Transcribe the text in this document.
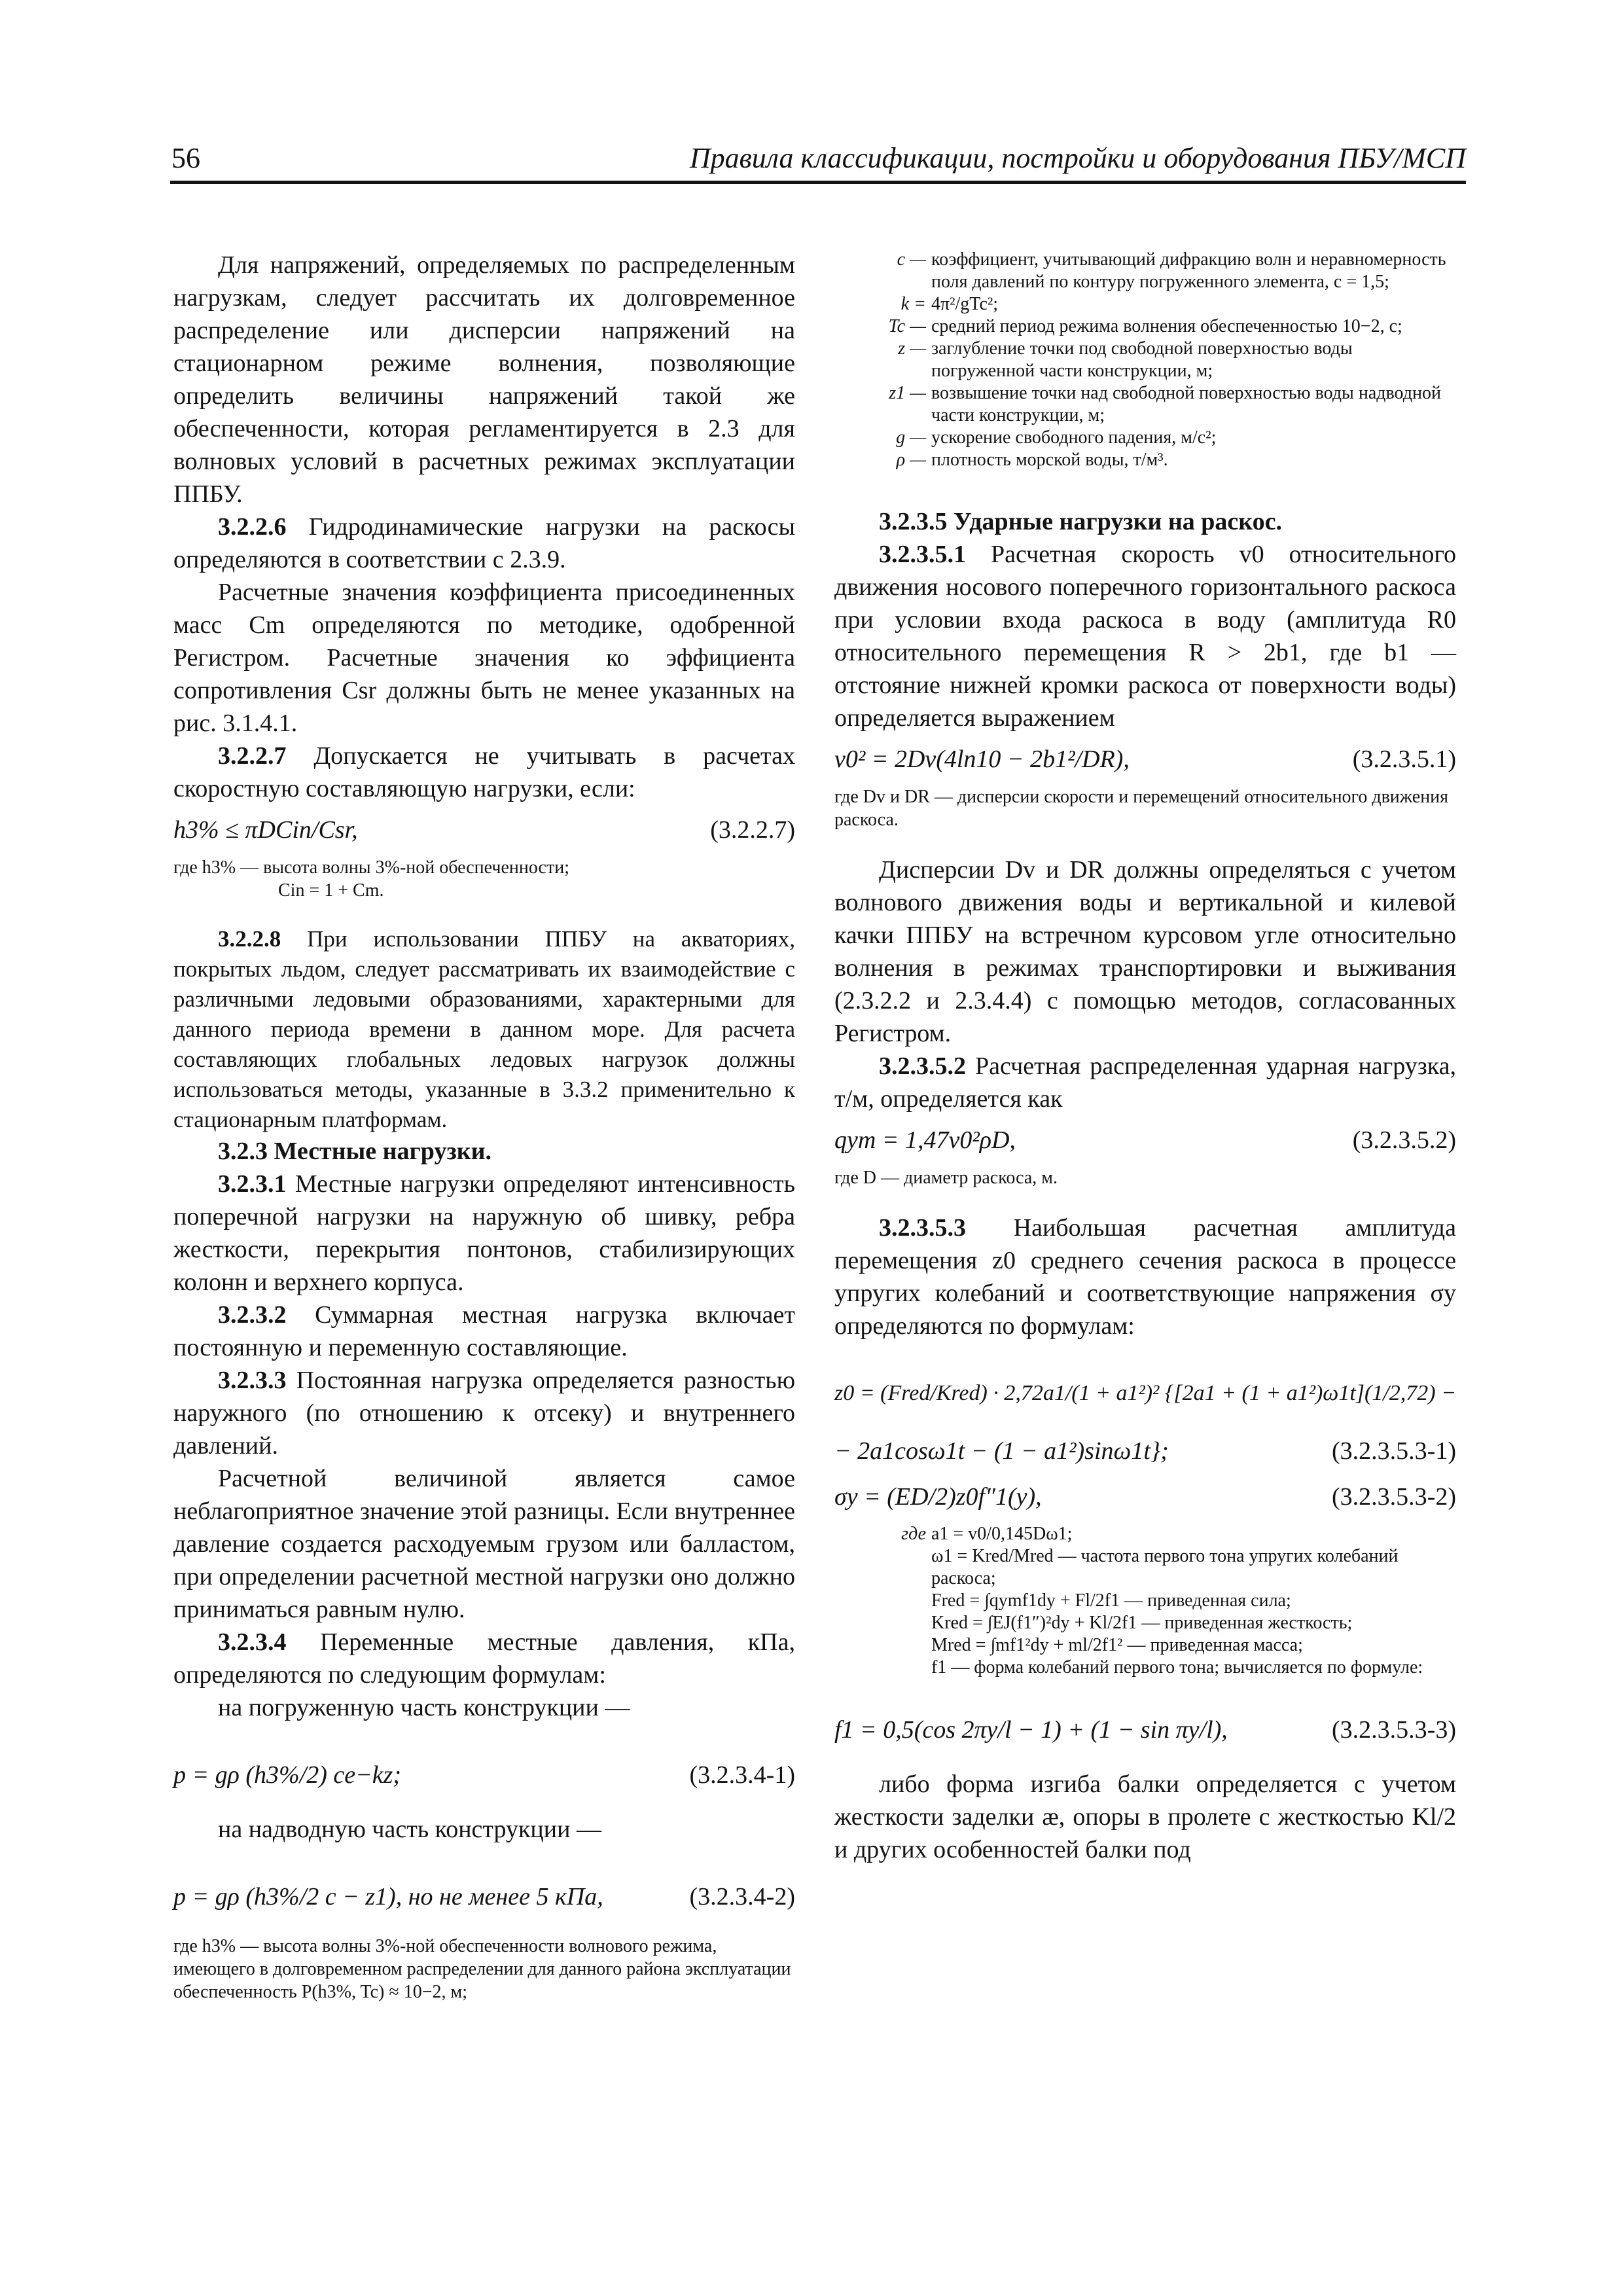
56	Правила классификации, постройки и оборудования ПБУ/МСП

Для напряжений, определяемых по распределенным нагрузкам, следует рассчитать их долговременное распределение или дисперсии напряжений на стационарном режиме волнения, позволяющие определить величины напряжений такой же обеспеченности, которая регламентируется в 2.3 для волновых условий в расчетных режимах эксплуатации ППБУ.

3.2.2.6 Гидродинамические нагрузки на раскосы определяются в соответствии с 2.3.9.

Расчетные значения коэффициента присоединенных масс Cm определяются по методике, одобренной Регистром. Расчетные значения ко эффициента сопротивления Csr должны быть не менее указанных на рис. 3.1.4.1.

3.2.2.7 Допускается не учитывать в расчетах скоростную составляющую нагрузки, если:

h3% ≤ πDCin/Csr,	(3.2.2.7)

где h3% — высота волны 3%-ной обеспеченности;

Cin = 1 + Cm.

3.2.2.8 При использовании ППБУ на акваториях, покрытых льдом, следует рассматривать их взаимодействие с различными ледовыми образованиями, характерными для данного периода времени в данном море. Для расчета составляющих глобальных ледовых нагрузок должны использоваться методы, указанные в 3.3.2 применительно к стационарным платформам.

3.2.3 Местные нагрузки.

3.2.3.1 Местные нагрузки определяют интенсивность поперечной нагрузки на наружную об шивку, ребра жесткости, перекрытия понтонов, стабилизирующих колонн и верхнего корпуса.

3.2.3.2 Суммарная местная нагрузка включает постоянную и переменную составляющие.

3.2.3.3 Постоянная нагрузка определяется разностью наружного (по отношению к отсеку) и внутреннего давлений.

Расчетной величиной является самое неблагоприятное значение этой разницы. Если внутреннее давление создается расходуемым грузом или балластом, при определении расчетной местной нагрузки оно должно приниматься равным нулю.

3.2.3.4 Переменные местные давления, кПа, определяются по следующим формулам:

на погруженную часть конструкции —

p = gρ (h3%/2) ce−kz;	(3.2.3.4-1)

на надводную часть конструкции —

p = gρ (h3%/2 c − z1), но не менее 5 кПа,	(3.2.3.4-2)

где h3% — высота волны 3%-ной обеспеченности волнового режима, имеющего в долговременном распределении для данного района эксплуатации обеспеченность P(h3%, Tc) ≈ 10−2, м;

c — коэффициент, учитывающий дифракцию волн и неравномерность поля давлений по контуру погруженного элемента, c = 1,5;
k = 4π²/gTc²;
Tc — средний период режима волнения обеспеченностью 10−2, с;
z — заглубление точки под свободной поверхностью воды погруженной части конструкции, м;
z1 — возвышение точки над свободной поверхностью воды надводной части конструкции, м;
g — ускорение свободного падения, м/с²;
ρ — плотность морской воды, т/м³.

3.2.3.5 Ударные нагрузки на раскос.

3.2.3.5.1 Расчетная скорость v0 относительного движения носового поперечного горизонтального раскоса при условии входа раскоса в воду (амплитуда R0 относительного перемещения R > 2b1, где b1 — отстояние нижней кромки раскоса от поверхности воды) определяется выражением

v0² = 2Dv(4ln10 − 2b1²/DR),	(3.2.3.5.1)

где Dv и DR — дисперсии скорости и перемещений относительного движения раскоса.

Дисперсии Dv и DR должны определяться с учетом волнового движения воды и вертикальной и килевой качки ППБУ на встречном курсовом угле относительно волнения в режимах транспортировки и выживания (2.3.2.2 и 2.3.4.4) с помощью методов, согласованных Регистром.

3.2.3.5.2 Расчетная распределенная ударная нагрузка, т/м, определяется как

qym = 1,47v0²ρD,	(3.2.3.5.2)

где D — диаметр раскоса, м.

3.2.3.5.3 Наибольшая расчетная амплитуда перемещения z0 среднего сечения раскоса в процессе упругих колебаний и соответствующие напряжения σy определяются по формулам:

z0 = (Fred/Kred) · 2,72a1/(1 + a1²)² {[2a1 + (1 + a1²)ω1t](1/2,72) −
− 2a1cosω1t − (1 − a1²)sinω1t};	(3.2.3.5.3-1)
σy = (ED/2)z0f″1(y),	(3.2.3.5.3-2)
где a1 = v0/0,145Dω1;
ω1 = Kred/Mred — частота первого тона упругих колебаний раскоса;
Fred = ∫qymf1dy + Fl/2f1 — приведенная сила;
Kred = ∫EJ(f1″)²dy + Kl/2f1 — приведенная жесткость;
Mred = ∫mf1²dy + ml/2f1² — приведенная масса;
f1 — форма колебаний первого тона; вычисляется по формуле:
f1 = 0,5(cos 2πy/l − 1) + (1 − sin πy/l),	(3.2.3.5.3-3)

либо форма изгиба балки определяется с учетом жесткости заделки æ, опоры в пролете с жесткостью Kl/2 и других особенностей балки под
